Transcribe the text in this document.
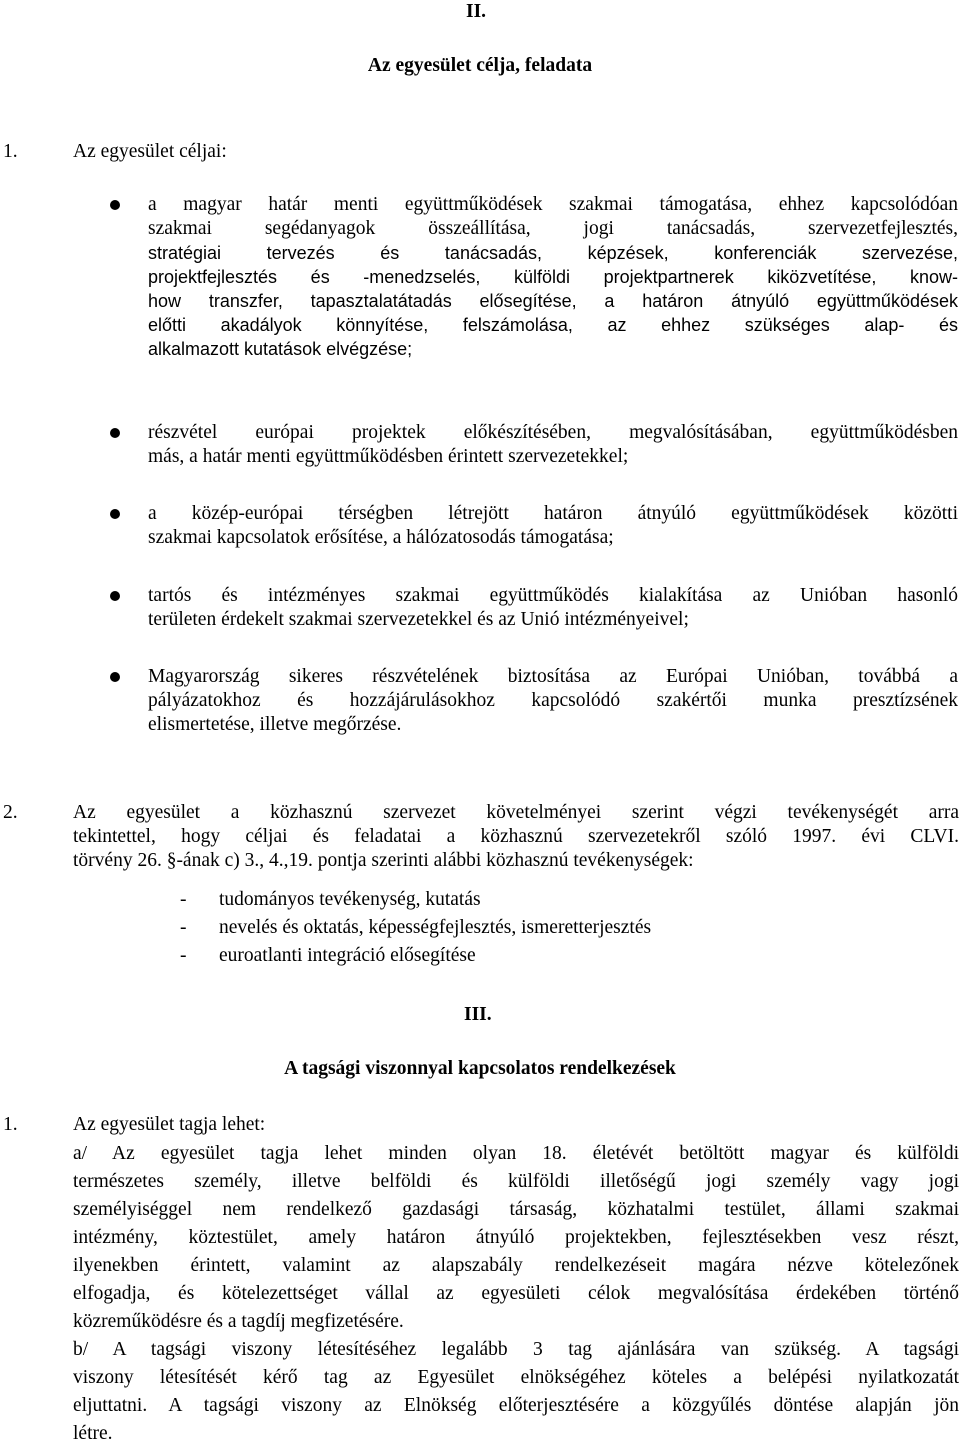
II.
Az egyesület célja, feladata
1.	Az egyesület céljai:
a magyar határ menti együttműködések szakmai támogatása, ehhez kapcsolódóan
szakmai segédanyagok összeállítása, jogi tanácsadás, szervezetfejlesztés,
stratégiai tervezés és tanácsadás, képzések, konferenciák szervezése,
projektfejlesztés és -menedzselés, külföldi projektpartnerek kiközvetítése, know-
how transzfer, tapasztalatátadás elősegítése, a határon átnyúló együttműködések
előtti akadályok könnyítése, felszámolása, az ehhez szükséges alap- és
alkalmazott kutatások elvégzése;
részvétel európai projektek előkészítésében, megvalósításában, együttműködésben
más, a határ menti együttműködésben érintett szervezetekkel;
a közép-európai térségben létrejött határon átnyúló együttműködések közötti
szakmai kapcsolatok erősítése, a hálózatosodás támogatása;
tartós és intézményes szakmai együttműködés kialakítása az Unióban hasonló
területen érdekelt szakmai szervezetekkel és az Unió intézményeivel;
Magyarország sikeres részvételének biztosítása az Európai Unióban, továbbá a
pályázatokhoz és hozzájárulásokhoz kapcsolódó szakértői munka presztízsének
elismertetése, illetve megőrzése.
2.	Az egyesület a közhasznú szervezet követelményei szerint végzi tevékenységét arra
tekintettel, hogy céljai és feladatai a közhasznú szervezetekről szóló 1997. évi CLVI.
törvény 26. §-ának c) 3., 4.,19. pontja szerinti alábbi közhasznú tevékenységek:
- tudományos tevékenység, kutatás
- nevelés és oktatás, képességfejlesztés, ismeretterjesztés
- euroatlanti integráció elősegítése
III.
A tagsági viszonnyal kapcsolatos rendelkezések
1.	Az egyesület tagja lehet:
a/ Az egyesület tagja lehet minden olyan 18. életévét betöltött magyar és külföldi
természetes személy, illetve belföldi és külföldi illetőségű jogi személy vagy jogi
személyiséggel nem rendelkező gazdasági társaság, közhatalmi testület, állami szakmai
intézmény, köztestület, amely határon átnyúló projektekben, fejlesztésekben vesz részt,
ilyenekben érintett, valamint az alapszabály rendelkezéseit magára nézve kötelezőnek
elfogadja, és kötelezettséget vállal az egyesületi célok megvalósítása érdekében történő
közreműködésre és a tagdíj megfizetésére.
b/ A tagsági viszony létesítéséhez legalább 3 tag ajánlására van szükség. A tagsági
viszony létesítését kérő tag az Egyesület elnökségéhez köteles a belépési nyilatkozatát
eljuttatni. A tagsági viszony az Elnökség előterjesztésére a közgyűlés döntése alapján jön
létre.
